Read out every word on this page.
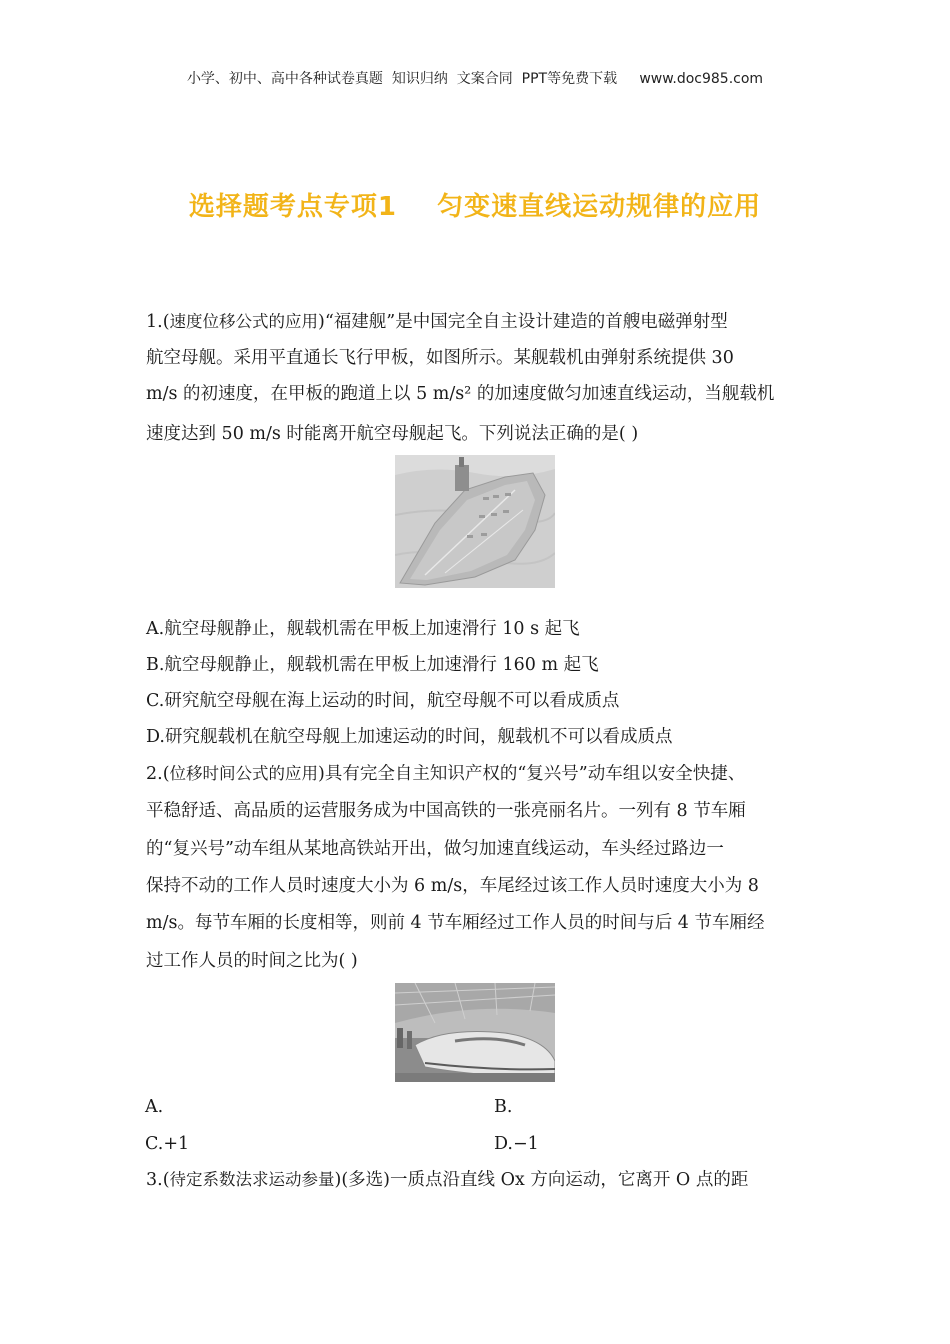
小学、初中、高中各种试卷真题  知识归纳  文案合同  PPT等免费下载     www.doc985.com
选择题考点专项1    匀变速直线运动规律的应用
1.(速度位移公式的应用)“福建舰”是中国完全自主设计建造的首艘电磁弹射型
航空母舰。采用平直通长飞行甲板，如图所示。某舰载机由弹射系统提供 30
m/s 的初速度，在甲板的跑道上以 5 m/s² 的加速度做匀加速直线运动，当舰载机
速度达到 50 m/s 时能离开航空母舰起飞。下列说法正确的是( )
A.航空母舰静止，舰载机需在甲板上加速滑行 10 s 起飞
B.航空母舰静止，舰载机需在甲板上加速滑行 160 m 起飞
C.研究航空母舰在海上运动的时间，航空母舰不可以看成质点
D.研究舰载机在航空母舰上加速运动的时间，舰载机不可以看成质点
2.(位移时间公式的应用)具有完全自主知识产权的“复兴号”动车组以安全快捷、
平稳舒适、高品质的运营服务成为中国高铁的一张亮丽名片。一列有 8 节车厢
的“复兴号”动车组从某地高铁站开出，做匀加速直线运动，车头经过路边一
保持不动的工作人员时速度大小为 6 m/s，车尾经过该工作人员时速度大小为 8
m/s。每节车厢的长度相等，则前 4 节车厢经过工作人员的时间与后 4 节车厢经
过工作人员的时间之比为( )
A.	B.
C.+1	D.−1
3.(待定系数法求运动参量)(多选)一质点沿直线 Ox 方向运动，它离开 O 点的距
